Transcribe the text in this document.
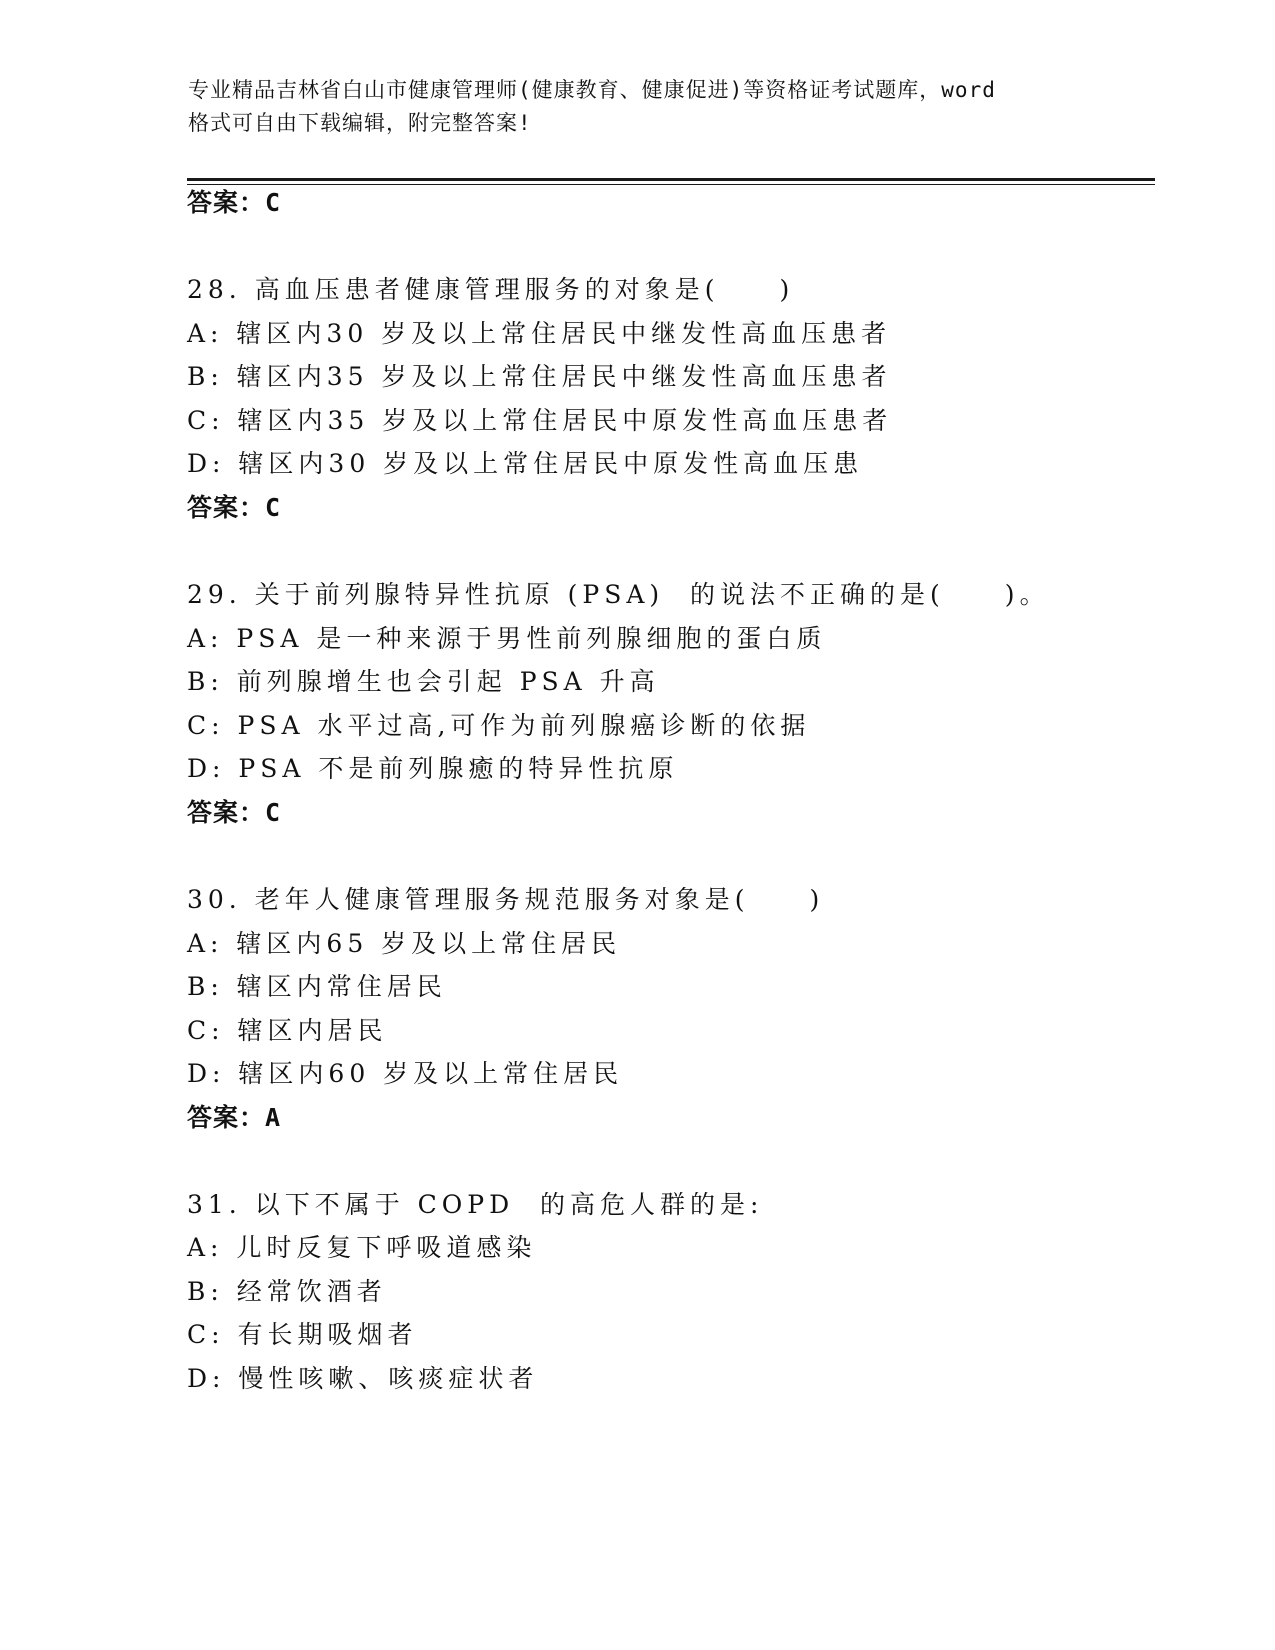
专业精品吉林省白山市健康管理师(健康教育、健康促进)等资格证考试题库，word
格式可自由下载编辑，附完整答案!
答案：C
28. 高血压患者健康管理服务的对象是(　　)
A: 辖区内30 岁及以上常住居民中继发性高血压患者
B: 辖区内35 岁及以上常住居民中继发性高血压患者
C: 辖区内35 岁及以上常住居民中原发性高血压患者
D: 辖区内30 岁及以上常住居民中原发性高血压患
答案：C
29. 关于前列腺特异性抗原 (PSA)  的说法不正确的是(　　)。
A: PSA 是一种来源于男性前列腺细胞的蛋白质
B: 前列腺增生也会引起 PSA 升高
C: PSA 水平过高,可作为前列腺癌诊断的依据
D: PSA 不是前列腺癒的特异性抗原
答案：C
30. 老年人健康管理服务规范服务对象是(　　)
A: 辖区内65 岁及以上常住居民
B: 辖区内常住居民
C: 辖区内居民
D: 辖区内60 岁及以上常住居民
答案：A
31. 以下不属于 COPD  的高危人群的是:
A: 儿时反复下呼吸道感染
B: 经常饮酒者
C: 有长期吸烟者
D: 慢性咳嗽、咳痰症状者
